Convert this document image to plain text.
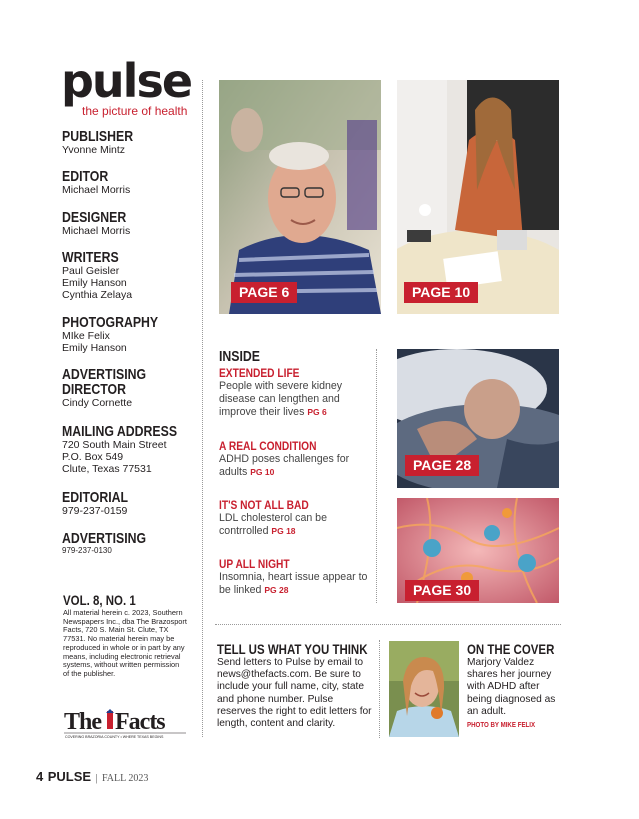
pulse
the picture of health
PUBLISHER
Yvonne Mintz
EDITOR
Michael Morris
DESIGNER
Michael Morris
WRITERS
Paul Geisler
Emily Hanson
Cynthia Zelaya
PHOTOGRAPHY
MIke Felix
Emily Hanson
ADVERTISING DIRECTOR
Cindy Cornette
MAILING ADDRESS
720 South Main Street
P.O. Box 549
Clute, Texas 77531
EDITORIAL
979-237-0159
ADVERTISING
979-237-0130
VOL. 8, NO. 1
All material herein c. 2023, Southern Newspapers Inc., dba The Brazosport Facts, 720 S. Main St. Clute, TX 77531. No material herein may be reproduced in whole or in part by any means, including electronic retrieval systems, without written permission of the publisher.
The Facts
COVERING BRAZORIA COUNTY • WHERE TEXAS BEGINS
PAGE 6	PAGE 10
INSIDE
EXTENDED LIFE
People with severe kidney disease can lengthen and improve their lives PG 6
A REAL CONDITION
ADHD poses challenges for adults PG 10
IT'S NOT ALL BAD
LDL cholesterol can be contrrolled PG 18
UP ALL NIGHT
Insomnia, heart issue appear to be linked PG 28
PAGE 28
PAGE 30
TELL US WHAT YOU THINK
Send letters to Pulse by email to news@thefacts.com. Be sure to include your full name, city, state and phone number. Pulse reserves the right to edit letters for length, content and clarity.
ON THE COVER
Marjory Valdez shares her journey with ADHD after being diagnosed as an adult.
PHOTO BY MIKE FELIX
4 PULSE | FALL 2023
